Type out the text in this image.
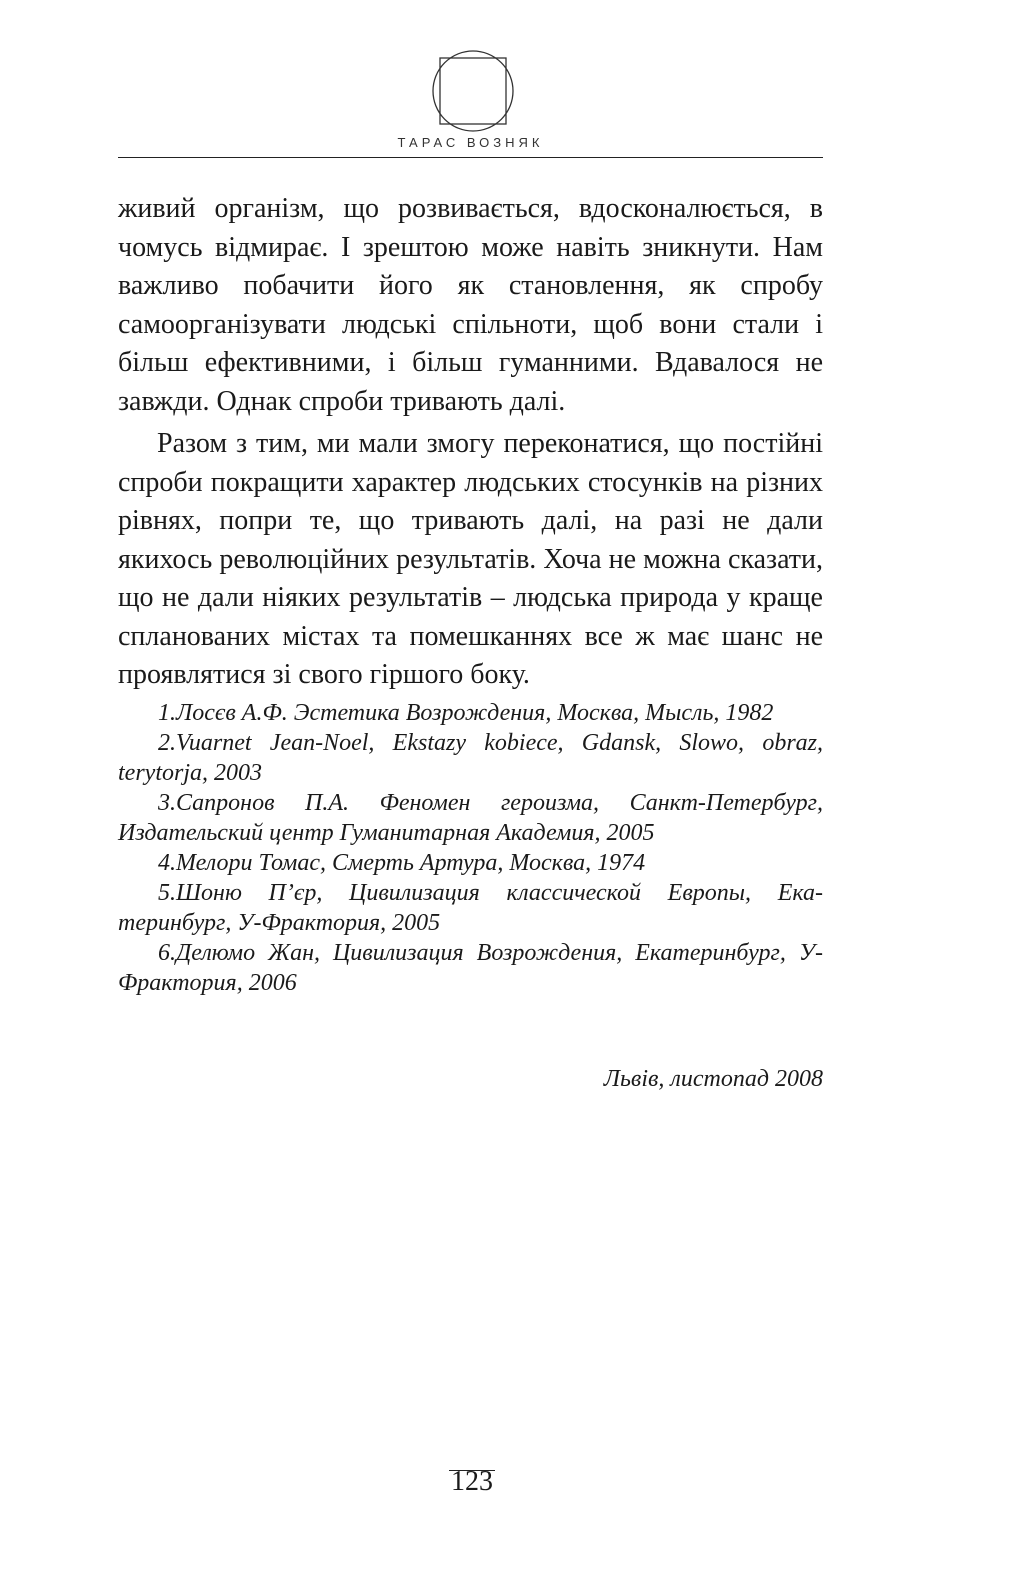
ТАРАС ВОЗНЯК

живий організм, що розвивається, вдосконалюється, в чомусь відмирає. І зрештою може навіть зникнути. Нам важливо побачити його як становлення, як спробу самоорганізувати людські спільноти, щоб вони стали і більш ефективними, і більш гуманними. Вдавалося не завжди. Однак спроби тривають далі.

Разом з тим, ми мали змогу переконатися, що постійні спроби покращити характер людських стосунків на різних рівнях, попри те, що тривають далі, на разі не дали якихось революційних результатів. Хоча не можна сказати, що не дали ніяких результатів – людська природа у краще спланованих містах та помешканнях все ж має шанс не проявлятися зі свого гіршого боку.

1.Лосєв А.Ф. Эстетика Возрождения, Москва, Мысль, 1982

2.Vuarnet Jean-Noel, Ekstazy kobiece, Gdansk, Slowo, obraz, terytorja, 2003

3.Сапронов П.А. Феномен героизма, Санкт-Петербург, Издательский центр Гуманитарная Академия, 2005

4.Мелори Томас, Смерть Артура, Москва, 1974

5.Шоню П’єр, Цивилизация классической Европы, Екатеринбург, У-Фрактория, 2005

6.Делюмо Жан, Цивилизация Возрождения, Екатеринбург, У-Фрактория, 2006

Львів, листопад 2008
123
